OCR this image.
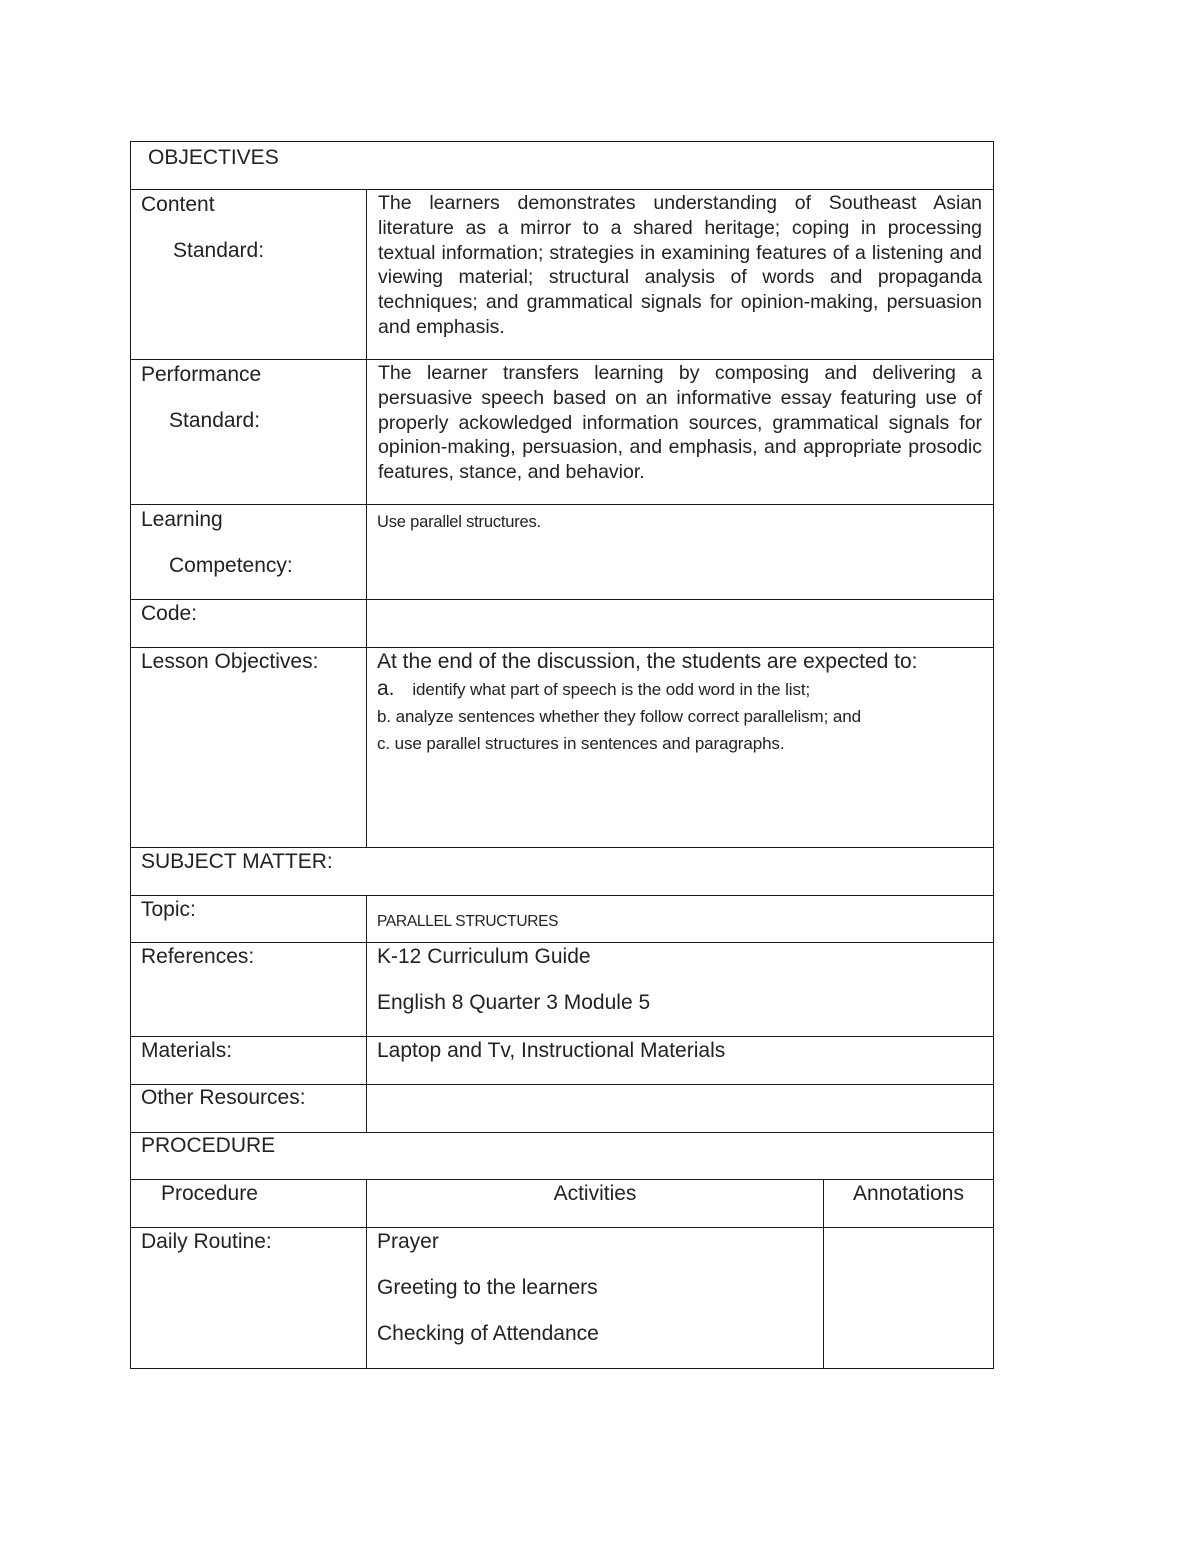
OBJECTIVES		

Content
Standard:	The learners demonstrates understanding of Southeast Asian literature as a mirror to a shared heritage; coping in processing textual information; strategies in examining features of a listening and viewing material; structural analysis of words and propaganda techniques; and grammatical signals for opinion-making, persuasion and emphasis.	

Performance
Standard:	The learner transfers learning by composing and delivering a persuasive speech based on an informative essay featuring use of properly ackowledged information sources, grammatical signals for opinion-making, persuasion, and emphasis, and appropriate prosodic features, stance, and behavior.	

Learning
Competency:	Use parallel structures.	

Code:		

Lesson Objectives:	At the end of the discussion, the students are expected to:
a. identify what part of speech is the odd word in the list;
b. analyze sentences whether they follow correct parallelism; and
c. use parallel structures in sentences and paragraphs.	

SUBJECT MATTER:		

Topic:	PARALLEL STRUCTURES	

References:	K-12 Curriculum Guide
English 8 Quarter 3 Module 5	

Materials:	Laptop and Tv, Instructional Materials	

Other Resources:		

PROCEDURE		

Procedure	Activities	Annotations

Daily Routine:	Prayer
Greeting to the learners
Checking of Attendance	
